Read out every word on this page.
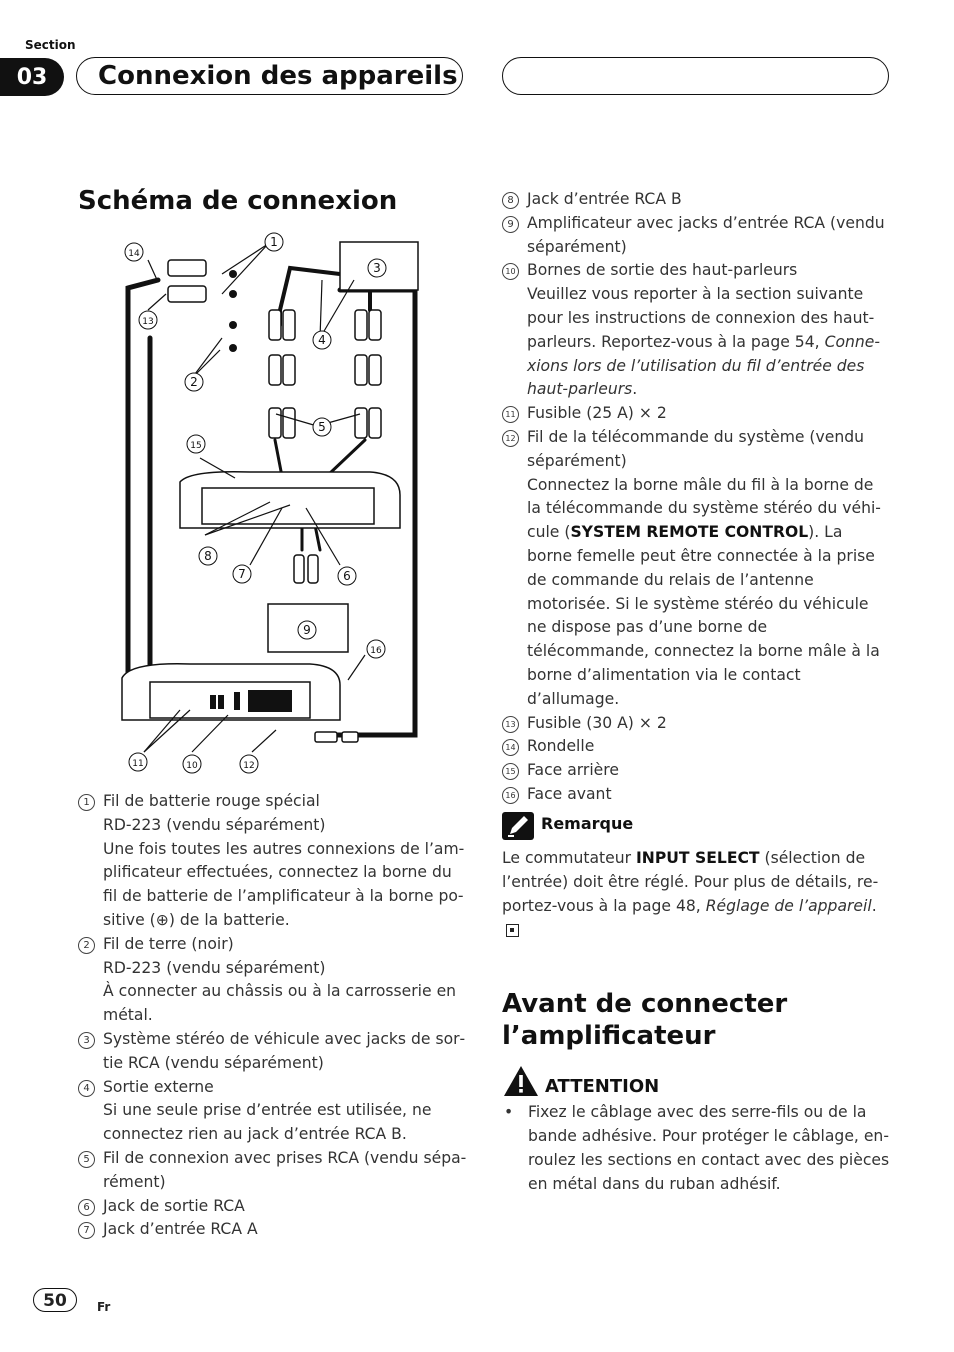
Section
03	Connexion des appareils
Schéma de connexion
1
2
3
4
5
6
7
8
9
10
11	12
13
14
15
16
1 Fil de batterie rouge spécial
RD-223 (vendu séparément)
Une fois toutes les autres connexions de l’amplificateur effectuées, connectez la borne du fil de batterie de l’amplificateur à la borne positive (⊕) de la batterie.
2 Fil de terre (noir)
RD-223 (vendu séparément)
À connecter au châssis ou à la carrosserie en métal.
3 Système stéréo de véhicule avec jacks de sortie RCA (vendu séparément)
4 Sortie externe
Si une seule prise d’entrée est utilisée, ne connectez rien au jack d’entrée RCA B.
5 Fil de connexion avec prises RCA (vendu séparément)
6 Jack de sortie RCA
7 Jack d’entrée RCA A
8 Jack d’entrée RCA B
9 Amplificateur avec jacks d’entrée RCA (vendu séparément)
10 Bornes de sortie des haut-parleurs
Veuillez vous reporter à la section suivante pour les instructions de connexion des haut-parleurs. Reportez-vous à la page 54, Connexions lors de l’utilisation du fil d’entrée des haut-parleurs.
11 Fusible (25 A) × 2
12 Fil de la télécommande du système (vendu séparément)
Connectez la borne mâle du fil à la borne de la télécommande du système stéréo du véhicule (SYSTEM REMOTE CONTROL). La borne femelle peut être connectée à la prise de commande du relais de l’antenne motorisée. Si le système stéréo du véhicule ne dispose pas d’une borne de télécommande, connectez la borne mâle à la borne d’alimentation via le contact d’allumage.
13 Fusible (30 A) × 2
14 Rondelle
15 Face arrière
16 Face avant
Remarque
Le commutateur INPUT SELECT (sélection de l’entrée) doit être réglé. Pour plus de détails, reportez-vous à la page 48, Réglage de l’appareil.
Avant de connecter l’amplificateur
ATTENTION
• Fixez le câblage avec des serre-fils ou de la bande adhésive. Pour protéger le câblage, enroulez les sections en contact avec des pièces en métal dans du ruban adhésif.
50	Fr
